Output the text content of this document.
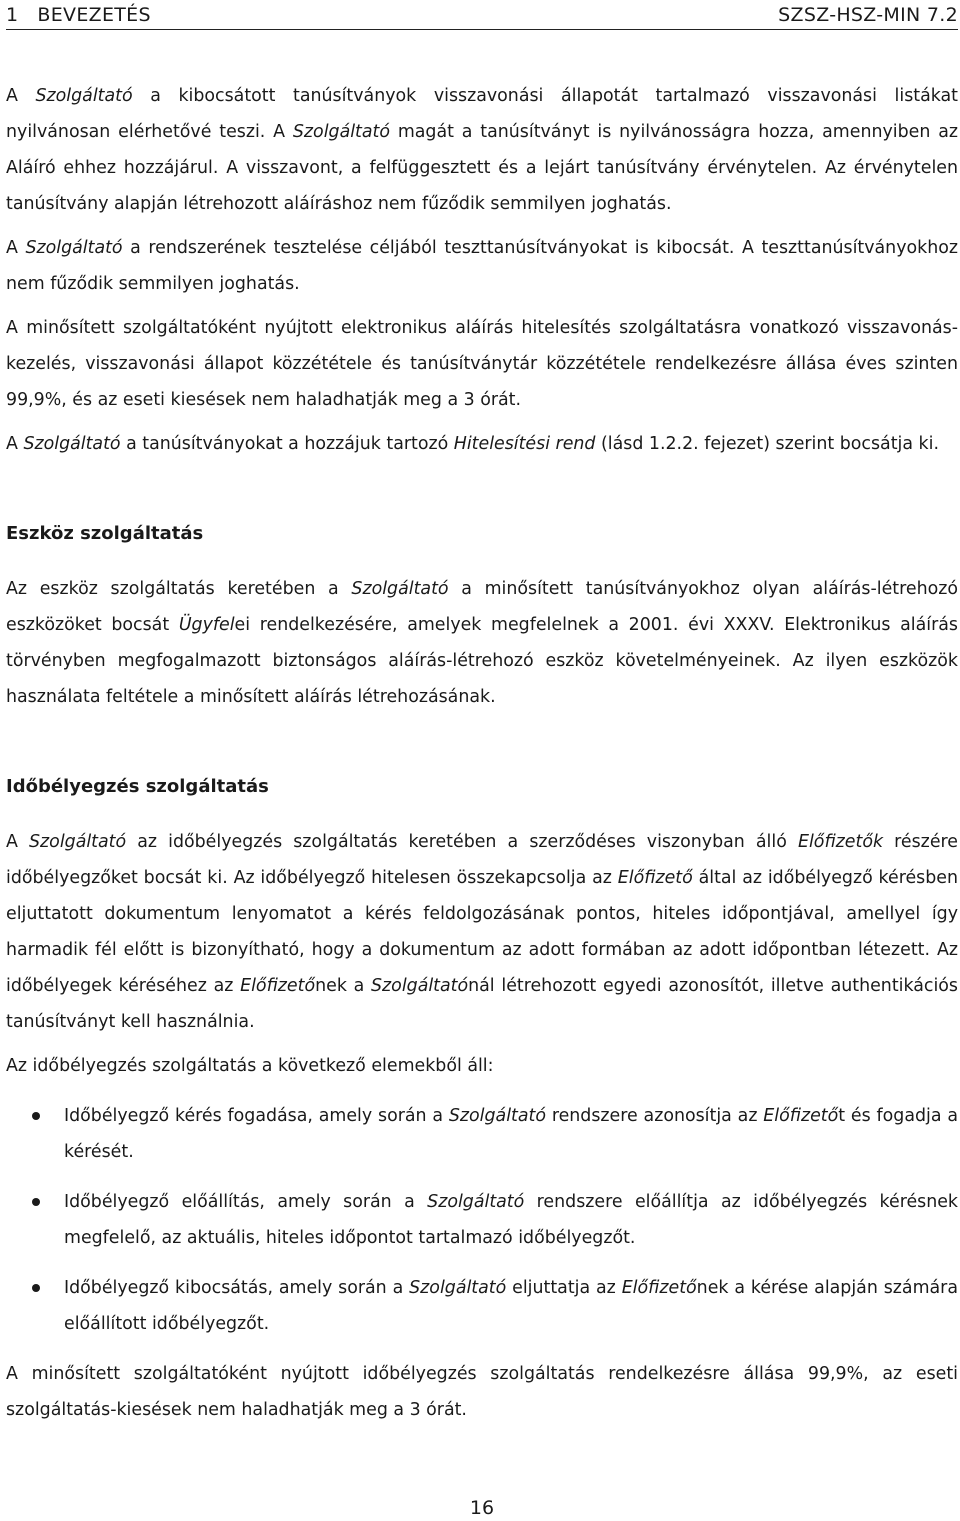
1   BEVEZETÉS	SZSZ-HSZ-MIN 7.2

A Szolgáltató a kibocsátott tanúsítványok visszavonási állapotát tartalmazó visszavonási listákat nyilvánosan elérhetővé teszi. A Szolgáltató magát a tanúsítványt is nyilvánosságra hozza, amennyiben az Aláíró ehhez hozzájárul. A visszavont, a felfüggesztett és a lejárt tanúsítvány érvénytelen. Az érvénytelen tanúsítvány alapján létrehozott aláíráshoz nem fűződik semmilyen joghatás.

A Szolgáltató a rendszerének tesztelése céljából teszttanúsítványokat is kibocsát. A teszttanúsítványokhoz nem fűződik semmilyen joghatás.

A minősített szolgáltatóként nyújtott elektronikus aláírás hitelesítés szolgáltatásra vonatkozó visszavonás-kezelés, visszavonási állapot közzététele és tanúsítványtár közzététele rendelkezésre állása éves szinten 99,9%, és az eseti kiesések nem haladhatják meg a 3 órát.

A Szolgáltató a tanúsítványokat a hozzájuk tartozó Hitelesítési rend (lásd 1.2.2. fejezet) szerint bocsátja ki.

Eszköz szolgáltatás

Az eszköz szolgáltatás keretében a Szolgáltató a minősített tanúsítványokhoz olyan aláírás-létrehozó eszközöket bocsát Ügyfelei rendelkezésére, amelyek megfelelnek a 2001. évi XXXV. Elektronikus aláírás törvényben megfogalmazott biztonságos aláírás-létrehozó eszköz követelményeinek. Az ilyen eszközök használata feltétele a minősített aláírás létrehozásának.

Időbélyegzés szolgáltatás

A Szolgáltató az időbélyegzés szolgáltatás keretében a szerződéses viszonyban álló Előfizetők részére időbélyegzőket bocsát ki. Az időbélyegző hitelesen összekapcsolja az Előfizető által az időbélyegző kérésben eljuttatott dokumentum lenyomatot a kérés feldolgozásának pontos, hiteles időpontjával, amellyel így harmadik fél előtt is bizonyítható, hogy a dokumentum az adott formában az adott időpontban létezett. Az időbélyegek kéréséhez az Előfizetőnek a Szolgáltatónál létrehozott egyedi azonosítót, illetve authentikációs tanúsítványt kell használnia.

Az időbélyegzés szolgáltatás a következő elemekből áll:

Időbélyegző kérés fogadása, amely során a Szolgáltató rendszere azonosítja az Előfizetőt és fogadja a kérését.
Időbélyegző előállítás, amely során a Szolgáltató rendszere előállítja az időbélyegzés kérésnek megfelelő, az aktuális, hiteles időpontot tartalmazó időbélyegzőt.
Időbélyegző kibocsátás, amely során a Szolgáltató eljuttatja az Előfizetőnek a kérése alapján számára előállított időbélyegzőt.

A minősített szolgáltatóként nyújtott időbélyegzés szolgáltatás rendelkezésre állása 99,9%, az eseti szolgáltatás-kiesések nem haladhatják meg a 3 órát.

16
